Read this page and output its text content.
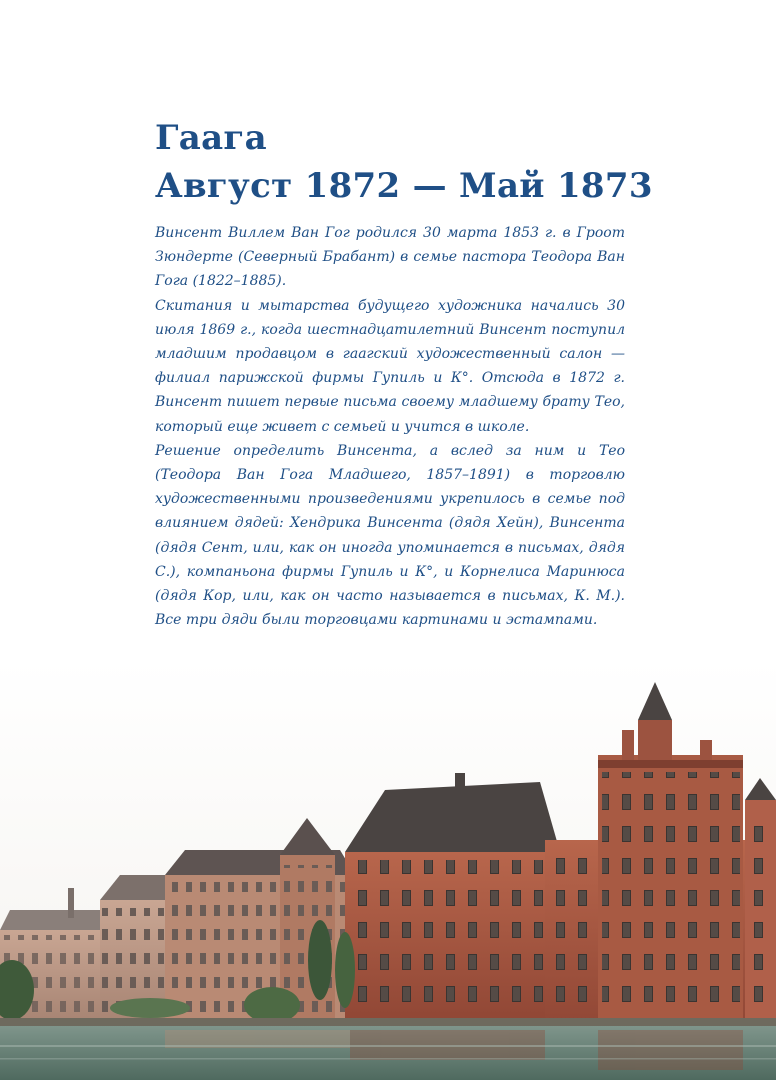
Гаага
Август 1872 — Май 1873

Винсент Виллем Ван Гог родился 30 марта 1853 г. в Гроот Зюндерте (Северный Брабант) в семье пастора Теодора Ван Гога (1822–1885).

Скитания и мытарства будущего художника начались 30 июля 1869 г., когда шестнадцатилетний Винсент поступил младшим продавцом в гаагский художественный салон — филиал парижской фирмы Гупиль и К°. Отсюда в 1872 г. Винсент пишет первые письма своему младшему брату Тео, который еще живет с семьей и учится в школе.

Решение определить Винсента, а вслед за ним и Тео (Теодора Ван Гога Младшего, 1857–1891) в торговлю художественными произведениями укрепилось в семье под влиянием дядей: Хендрика Винсента (дядя Хейн), Винсента (дядя Сент, или, как он иногда упоминается в письмах, дядя С.), компаньона фирмы Гупиль и К°, и Корнелиса Маринюса (дядя Кор, или, как он часто называется в письмах, К. М.). Все три дяди были торговцами картинами и эстампами.
